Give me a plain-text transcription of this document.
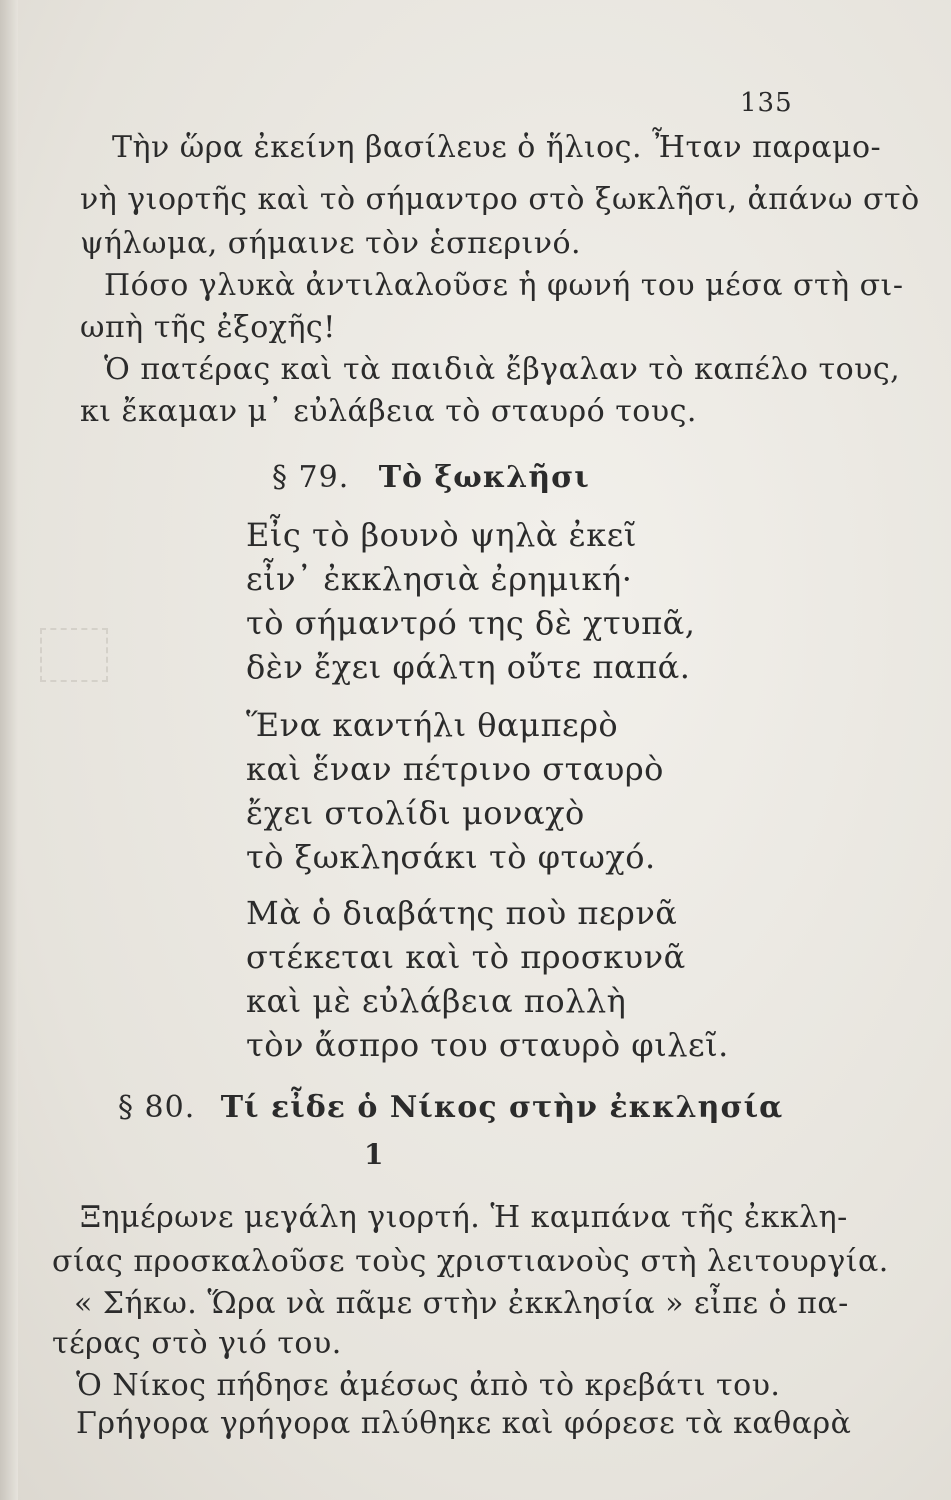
135
Τὴν ὥρα ἐκείνη βασίλευε ὁ ἥλιος. Ἦταν παραμο-
νὴ γιορτῆς καὶ τὸ σήμαντρο στὸ ξωκλῆσι, ἀπάνω στὸ
ψήλωμα, σήμαινε τὸν ἑσπερινό.
Πόσο γλυκὰ ἀντιλαλοῦσε ἡ φωνή του μέσα στὴ σι-
ωπὴ τῆς ἐξοχῆς!
Ὁ πατέρας καὶ τὰ παιδιὰ ἔβγαλαν τὸ καπέλο τους,
κι ἔκαμαν μ᾽ εὐλάβεια τὸ σταυρό τους.
§ 79. Τὸ ξωκλῆσι
Εἶς τὸ βουνὸ ψηλὰ ἐκεῖ
εἶν᾽ ἐκκλησιὰ ἐρημική·
τὸ σήμαντρό της δὲ χτυπᾶ,
δὲν ἔχει φάλτη οὔτε παπά.
Ἕνα καντήλι θαμπερὸ
καὶ ἕναν πέτρινο σταυρὸ
ἔχει στολίδι μοναχὸ
τὸ ξωκλησάκι τὸ φτωχό.
Μὰ ὁ διαβάτης ποὺ περνᾶ
στέκεται καὶ τὸ προσκυνᾶ
καὶ μὲ εὐλάβεια πολλὴ
τὸν ἄσπρο του σταυρὸ φιλεῖ.
§ 80. Τί εἶδε ὁ Νίκος στὴν ἐκκλησία
1
Ξημέρωνε μεγάλη γιορτή. Ἡ καμπάνα τῆς ἐκκλη-
σίας προσκαλοῦσε τοὺς χριστιανοὺς στὴ λειτουργία.
« Σήκω. Ὥρα νὰ πᾶμε στὴν ἐκκλησία » εἶπε ὁ πα-
τέρας στὸ γιό του.
Ὁ Νίκος πήδησε ἀμέσως ἀπὸ τὸ κρεβάτι του.
Γρήγορα γρήγορα πλύθηκε καὶ φόρεσε τὰ καθαρὰ
